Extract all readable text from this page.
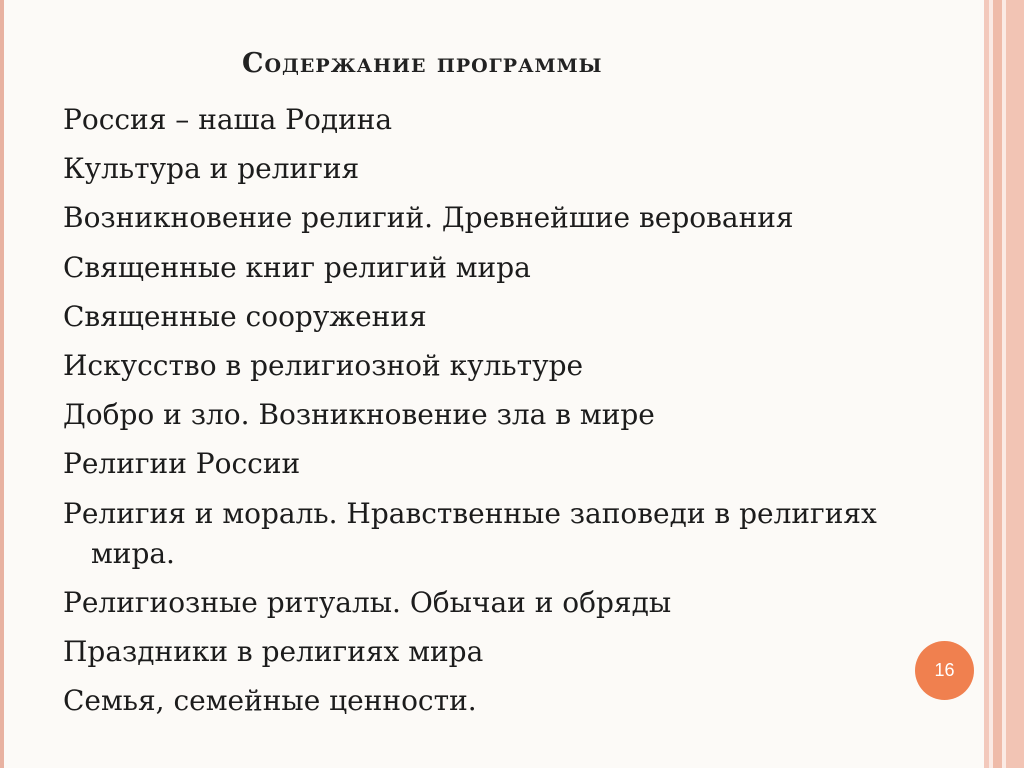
Содержание программы
Россия – наша Родина
Культура и религия
Возникновение религий. Древнейшие верования
Священные книг религий мира
Священные сооружения
Искусство в религиозной культуре
Добро и зло. Возникновение зла в мире
Религии России
Религия и мораль. Нравственные заповеди в религиях мира.
Религиозные ритуалы. Обычаи и обряды
Праздники в религиях мира
Семья, семейные ценности.
16
